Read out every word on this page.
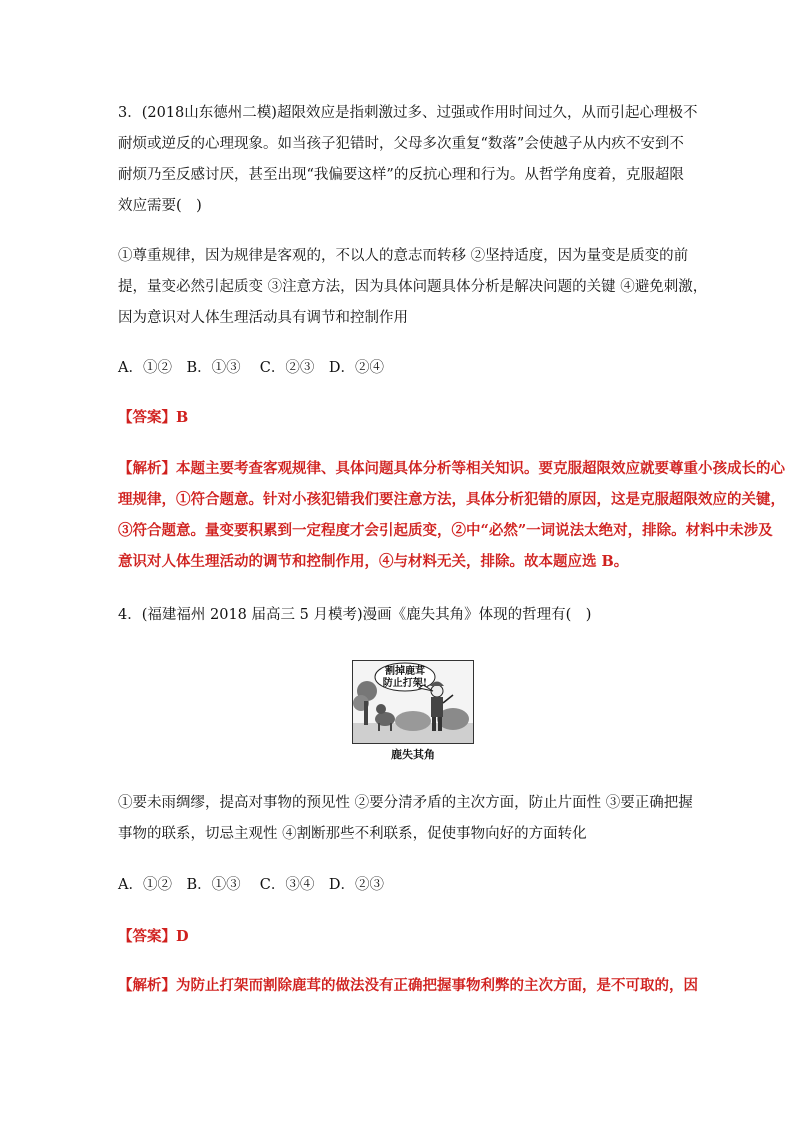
3．(2018山东德州二模)超限效应是指刺激过多、过强或作用时间过久，从而引起心理极不
耐烦或逆反的心理现象。如当孩子犯错时，父母多次重复“数落”会使越子从内疚不安到不
耐烦乃至反感讨厌，甚至出现“我偏要这样”的反抗心理和行为。从哲学角度着，克服超限
效应需要(　)
①尊重规律，因为规律是客观的，不以人的意志而转移 ②坚持适度，因为量变是质变的前
提，量变必然引起质变 ③注意方法，因为具体问题具体分析是解决问题的关键 ④避免刺激，
因为意识对人体生理活动具有调节和控制作用
A．①②　B．①③　 C．②③　D．②④
【答案】B
【解析】本题主要考查客观规律、具体问题具体分析等相关知识。要克服超限效应就要尊重小孩成长的心
理规律，①符合题意。针对小孩犯错我们要注意方法，具体分析犯错的原因，这是克服超限效应的关键，
③符合题意。量变要积累到一定程度才会引起质变，②中“必然”一词说法太绝对，排除。材料中未涉及
意识对人体生理活动的调节和控制作用，④与材料无关，排除。故本题应选 B。
4．(福建福州 2018 届高三 5 月模考)漫画《鹿失其角》体现的哲理有(　)
割掉鹿茸
防止打架!
鹿失其角
①要未雨绸缪，提高对事物的预见性 ②要分清矛盾的主次方面，防止片面性 ③要正确把握
事物的联系，切忌主观性 ④割断那些不利联系，促使事物向好的方面转化
A．①②　B．①③　 C．③④　D．②③
【答案】D
【解析】为防止打架而割除鹿茸的做法没有正确把握事物利弊的主次方面，是不可取的，因
